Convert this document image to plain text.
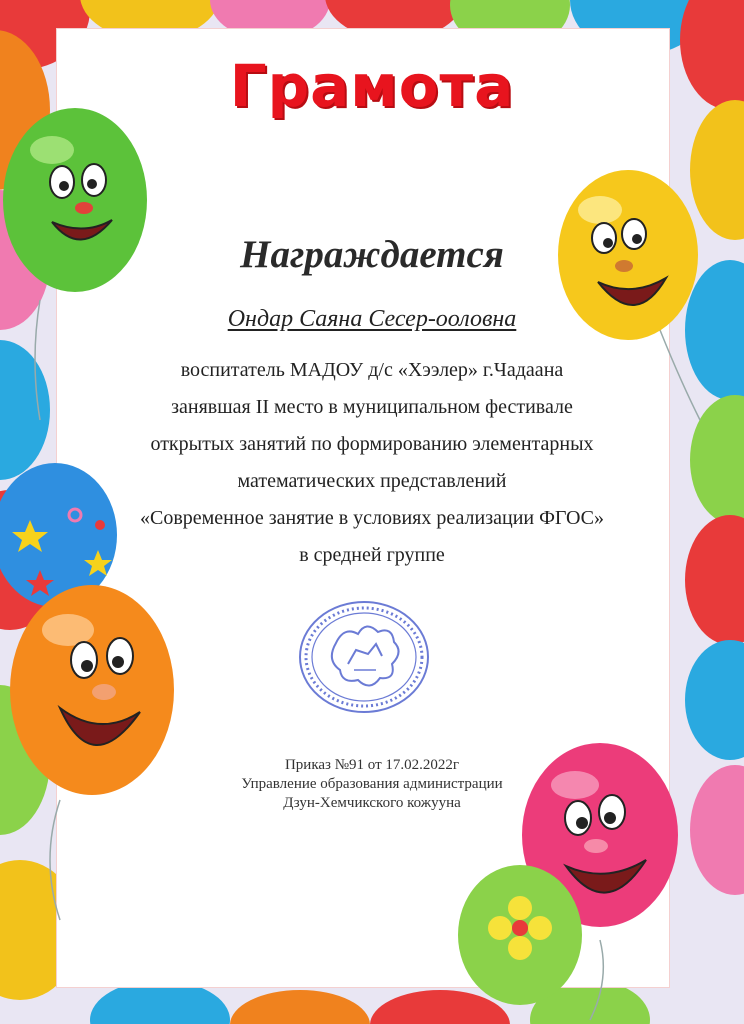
Грамота
Награждается
Ондар Саяна Сесер-ооловна
воспитатель МАДОУ д/с «Хээлер» г.Чадаана
занявшая II место в муниципальном фестивале
открытых занятий по формированию элементарных
математических представлений
«Современное занятие в условиях реализации ФГОС»
в средней группе
Приказ №91 от 17.02.2022г
Управление образования администрации
Дзун-Хемчикского кожууна
